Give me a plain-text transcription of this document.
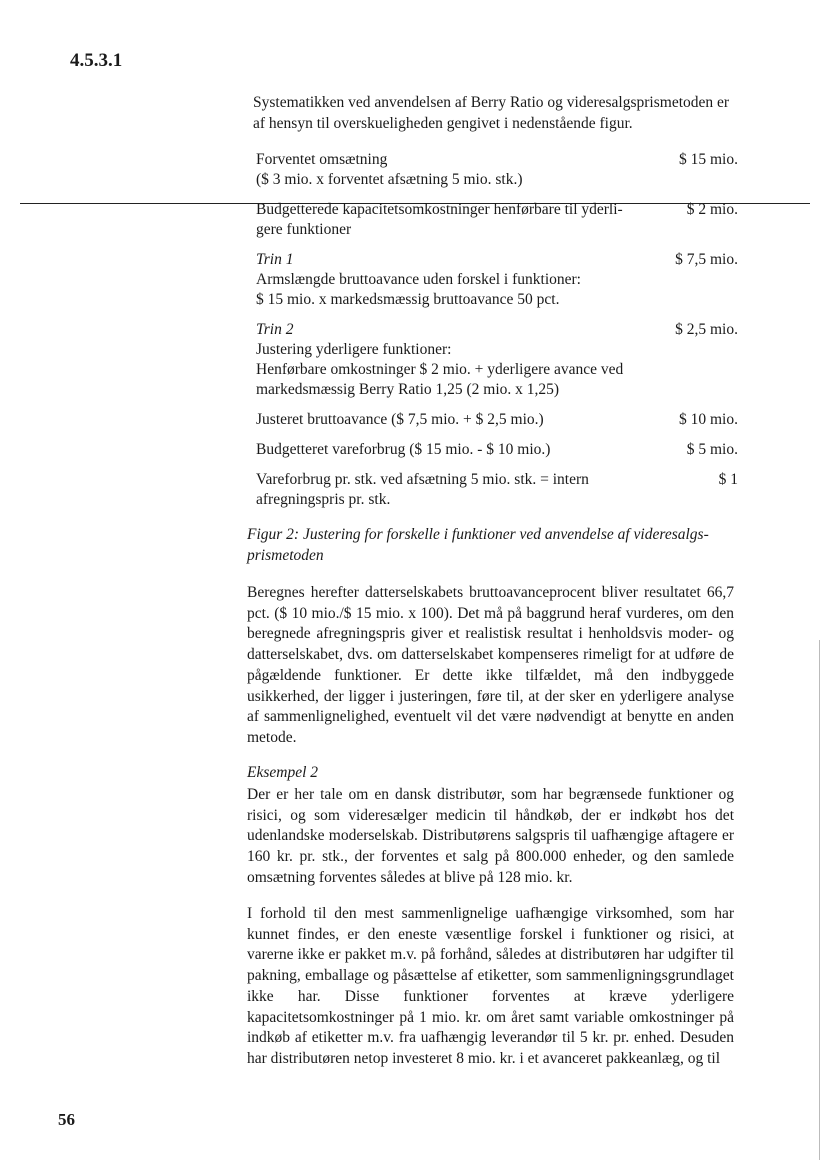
4.5.3.1
Systematikken ved anvendelsen af Berry Ratio og videresalgsprismetoden er af hensyn til overskueligheden gengivet i nedenstående figur.
Forventet omsætning
($ 3 mio. x forventet afsætning 5 mio. stk.)
$ 15 mio.
Budgetterede kapacitetsomkostninger henførbare til yderli-
gere funktioner
$ 2 mio.
Trin 1
Armslængde bruttoavance uden forskel i funktioner:
$ 15 mio. x markedsmæssig bruttoavance 50 pct.
$ 7,5 mio.
Trin 2
Justering yderligere funktioner:
Henførbare omkostninger $ 2 mio. + yderligere avance ved
markedsmæssig Berry Ratio 1,25 (2 mio. x 1,25)
$ 2,5 mio.
Justeret bruttoavance ($ 7,5 mio. + $ 2,5 mio.)	$ 10 mio.
Budgetteret vareforbrug ($ 15 mio. - $ 10 mio.)	$ 5 mio.
Vareforbrug pr. stk. ved afsætning 5 mio. stk. = intern
afregningspris pr. stk.
$ 1
Figur 2: Justering for forskelle i funktioner ved anvendelse af videresalgs-prismetoden
Beregnes herefter datterselskabets bruttoavanceprocent bliver resultatet 66,7 pct. ($ 10 mio./$ 15 mio. x 100). Det må på baggrund heraf vurderes, om den beregnede afregningspris giver et realistisk resultat i henholdsvis moder- og datterselskabet, dvs. om datterselskabet kompenseres rimeligt for at udføre de pågældende funktioner. Er dette ikke tilfældet, må den indbyggede usikkerhed, der ligger i justeringen, føre til, at der sker en yderligere analyse af sammenlignelighed, eventuelt vil det være nødvendigt at benytte en anden metode.
Eksempel 2
Der er her tale om en dansk distributør, som har begrænsede funktioner og risici, og som videresælger medicin til håndkøb, der er indkøbt hos det udenlandske moderselskab. Distributørens salgspris til uafhængige aftagere er 160 kr. pr. stk., der forventes et salg på 800.000 enheder, og den samlede omsætning forventes således at blive på 128 mio. kr.
I forhold til den mest sammenlignelige uafhængige virksomhed, som har kunnet findes, er den eneste væsentlige forskel i funktioner og risici, at varerne ikke er pakket m.v. på forhånd, således at distributøren har udgifter til pakning, emballage og påsættelse af etiketter, som sammenligningsgrundlaget ikke har. Disse funktioner forventes at kræve yderligere kapacitetsomkostninger på 1 mio. kr. om året samt variable omkostninger på indkøb af etiketter m.v. fra uafhængig leverandør til 5 kr. pr. enhed. Desuden har distributøren netop investeret 8 mio. kr. i et avanceret pakkeanlæg, og til
56
